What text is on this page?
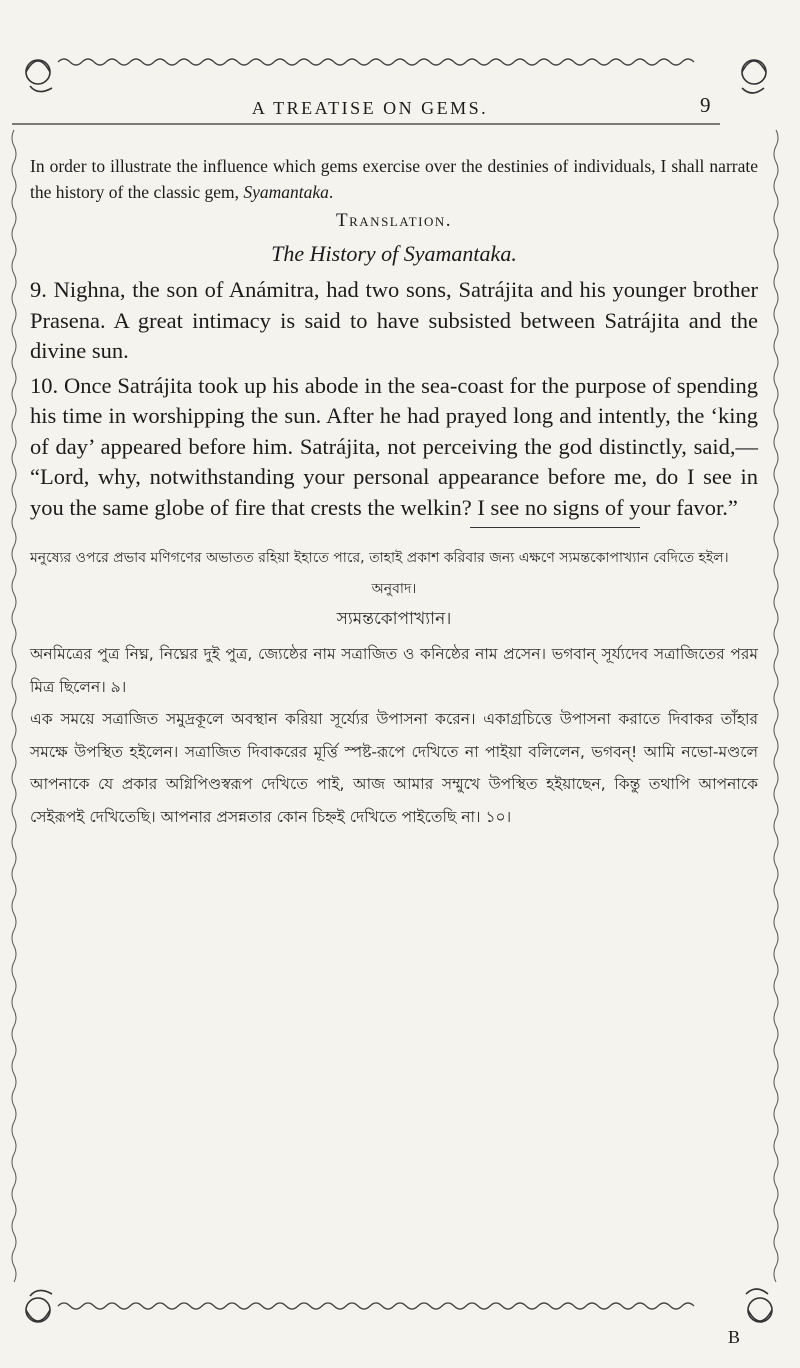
A TREATISE ON GEMS.	9

In order to illustrate the influence which gems exercise over the destinies of individuals, I shall narrate the history of the classic gem, Syamantaka.

Translation.
The History of Syamantaka.

9. Nighna, the son of Anámitra, had two sons, Satrájita and his younger brother Prasena. A great intimacy is said to have subsisted between Satrájita and the divine sun.

10. Once Satrájita took up his abode in the sea-coast for the purpose of spending his time in worshipping the sun. After he had prayed long and intently, the ‘king of day’ appeared before him. Satrájita, not perceiving the god distinctly, said,— “Lord, why, notwithstanding your personal appearance before me, do I see in you the same globe of fire that crests the welkin? I see no signs of your favor.”

মনুষ্যের ওপরে প্রভাব মণিগণের অভাতত রহিয়া ইহাতে পারে, তাহাই প্রকাশ করিবার জন্য এক্ষণে স্যমন্তকোপাখ্যান বেদিতে হইল।

অনুবাদ।
স্যমন্তকোপাখ্যান।

অনমিত্রের পুত্র নিঘ্ন, নিঘ্নের দুই পুত্র, জ্যেষ্ঠের নাম সত্রাজিত ও কনিষ্ঠের নাম প্রসেন। ভগবান্ সূর্য্যদেব সত্রাজিতের পরম মিত্র ছিলেন। ৯।

এক সময়ে সত্রাজিত সমুদ্রকূলে অবস্থান করিয়া সূর্য্যের উপাসনা করেন। একাগ্রচিত্তে উপাসনা করাতে দিবাকর তাঁহার সমক্ষে উপস্থিত হইলেন। সত্রাজিত দিবাকরের মূর্ত্তি স্পষ্ট-রূপে দেখিতে না পাইয়া বলিলেন, ভগবন্! আমি নভো-মণ্ডলে আপনাকে যে প্রকার অগ্নিপিণ্ডস্বরূপ দেখিতে পাই, আজ আমার সম্মুখে উপস্থিত হইয়াছেন, কিন্তু তথাপি আপনাকে সেইরূপই দেখিতেছি। আপনার প্রসন্নতার কোন চিহ্নই দেখিতে পাইতেছি না। ১০।

B
